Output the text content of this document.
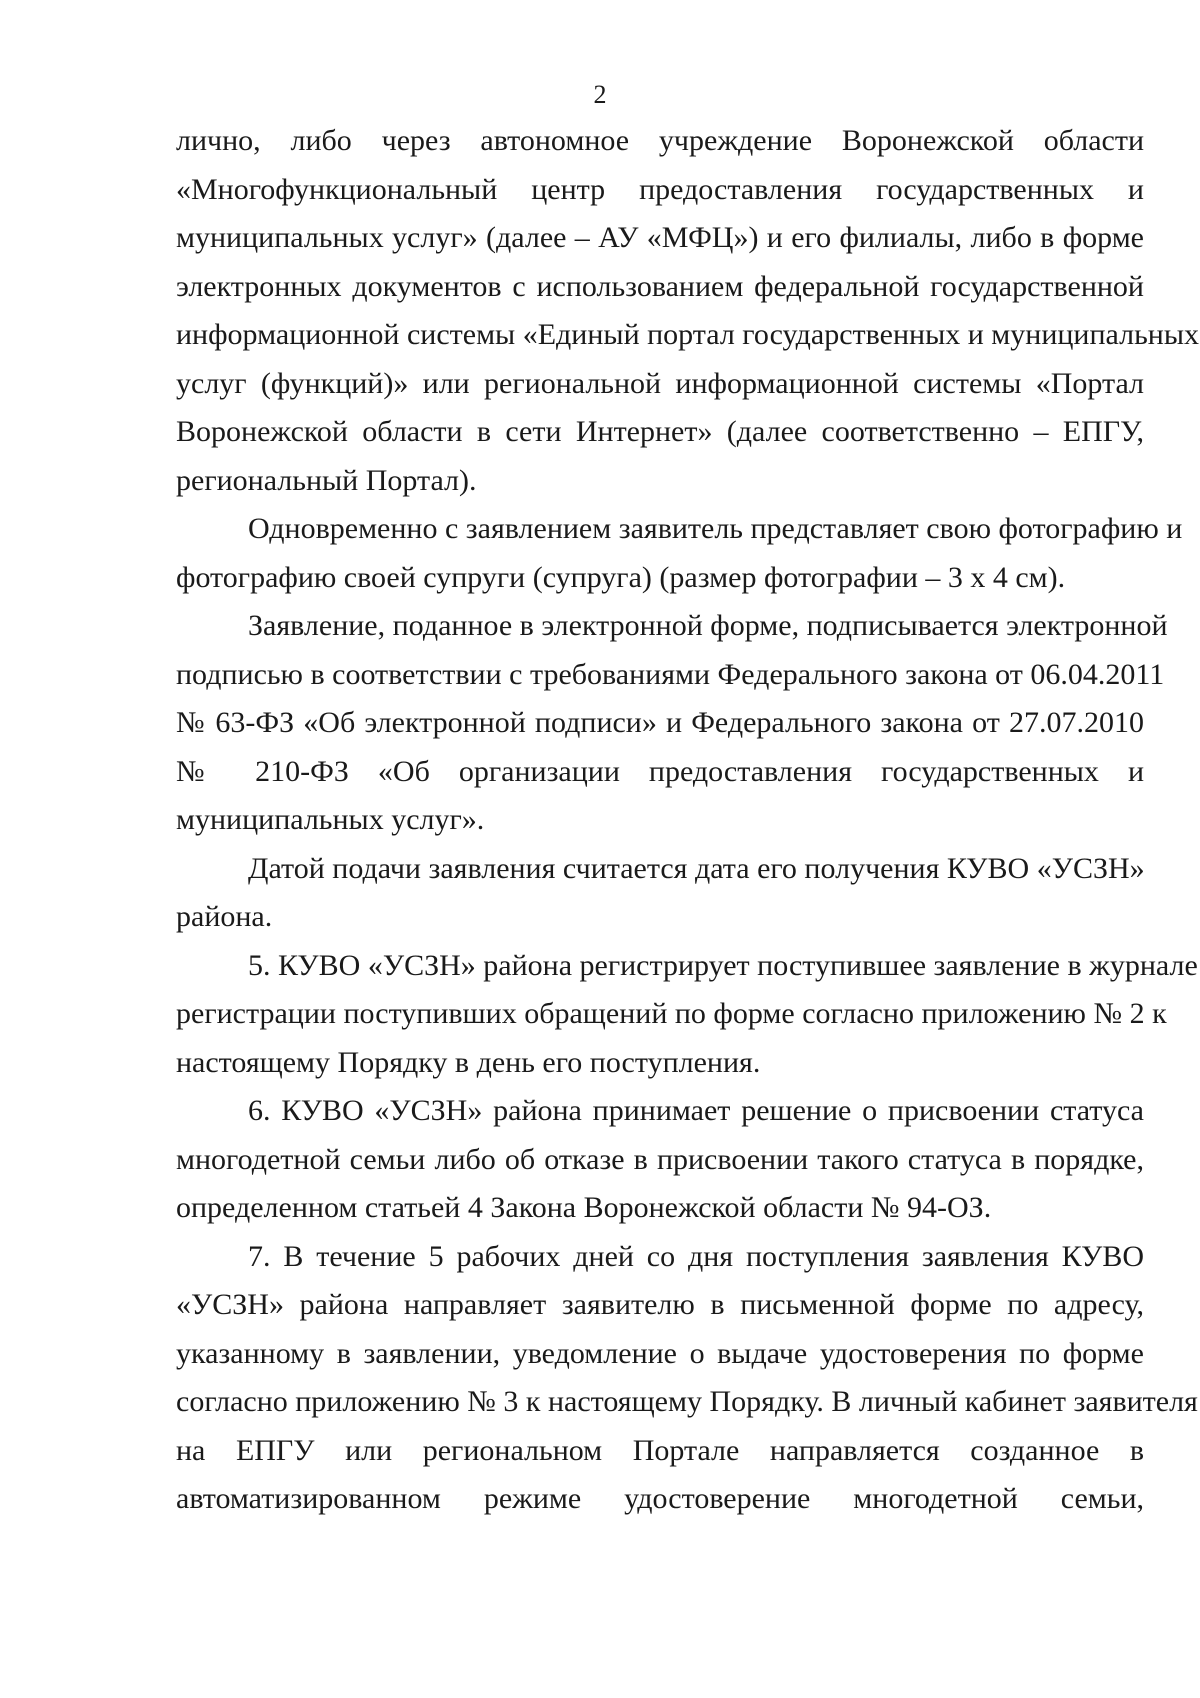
2
лично, либо через автономное учреждение Воронежской области
«Многофункциональный центр предоставления государственных и
муниципальных услуг» (далее – АУ «МФЦ») и его филиалы, либо в форме
электронных документов с использованием федеральной государственной
информационной системы «Единый портал государственных и муниципальных
услуг (функций)» или региональной информационной системы «Портал
Воронежской области в сети Интернет» (далее соответственно – ЕПГУ,
региональный Портал).
Одновременно с заявлением заявитель представляет свою фотографию и
фотографию своей супруги (супруга) (размер фотографии – 3 х 4 см).
Заявление, поданное в электронной форме, подписывается электронной
подписью в соответствии с требованиями Федерального закона от 06.04.2011
№ 63-ФЗ «Об электронной подписи» и Федерального закона от 27.07.2010
№ 210-ФЗ «Об организации предоставления государственных и
муниципальных услуг».
Датой подачи заявления считается дата его получения КУВО «УСЗН»
района.
5. КУВО «УСЗН» района регистрирует поступившее заявление в журнале
регистрации поступивших обращений по форме согласно приложению № 2 к
настоящему Порядку в день его поступления.
6. КУВО «УСЗН» района принимает решение о присвоении статуса
многодетной семьи либо об отказе в присвоении такого статуса в порядке,
определенном статьей 4 Закона Воронежской области № 94-ОЗ.
7. В течение 5 рабочих дней со дня поступления заявления КУВО
«УСЗН» района направляет заявителю в письменной форме по адресу,
указанному в заявлении, уведомление о выдаче удостоверения по форме
согласно приложению № 3 к настоящему Порядку. В личный кабинет заявителя
на ЕПГУ или региональном Портале направляется созданное в
автоматизированном режиме удостоверение многодетной семьи,
